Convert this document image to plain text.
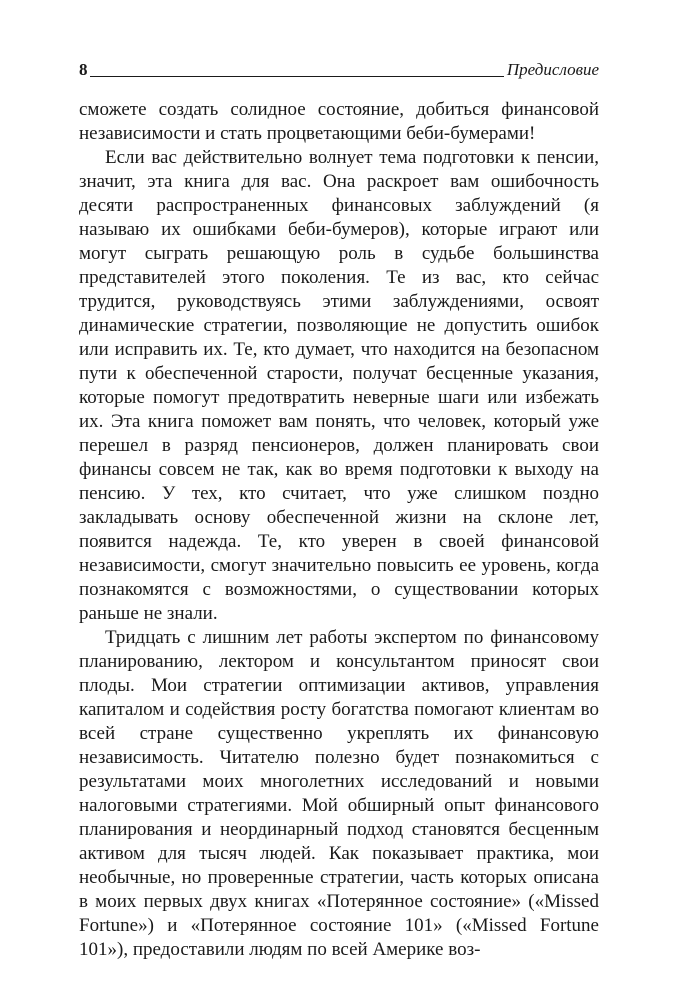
8	Предисловие

сможете создать солидное состояние, добиться финансовой независимости и стать процветающими беби-бумерами!

Если вас действительно волнует тема подготовки к пенсии, значит, эта книга для вас. Она раскроет вам ошибочность десяти распространенных финансовых заблуждений (я называю их ошибками беби-бумеров), которые играют или могут сыграть решающую роль в судьбе большинства представителей этого поколения. Те из вас, кто сейчас трудится, руководствуясь этими заблуждениями, освоят динамические стратегии, позволяющие не допустить ошибок или исправить их. Те, кто думает, что находится на безопасном пути к обеспеченной старости, получат бесценные указания, которые помогут предотвратить неверные шаги или избежать их. Эта книга поможет вам понять, что человек, который уже перешел в разряд пенсионеров, должен планировать свои финансы совсем не так, как во время подготовки к выходу на пенсию. У тех, кто считает, что уже слишком поздно закладывать основу обеспеченной жизни на склоне лет, появится надежда. Те, кто уверен в своей финансовой независимости, смогут значительно повысить ее уровень, когда познакомятся с возможностями, о существовании которых раньше не знали.

Тридцать с лишним лет работы экспертом по финансовому планированию, лектором и консультантом приносят свои плоды. Мои стратегии оптимизации активов, управления капиталом и содействия росту богатства помогают клиентам во всей стране существенно укреплять их финансовую независимость. Читателю полезно будет познакомиться с результатами моих многолетних исследований и новыми налоговыми стратегиями. Мой обширный опыт финансового планирования и неординарный подход становятся бесценным активом для тысяч людей. Как показывает практика, мои необычные, но проверенные стратегии, часть которых описана в моих первых двух книгах «Потерянное состояние» («Missed Fortune») и «Потерянное состояние 101» («Missed Fortune 101»), предоставили людям по всей Америке воз-
